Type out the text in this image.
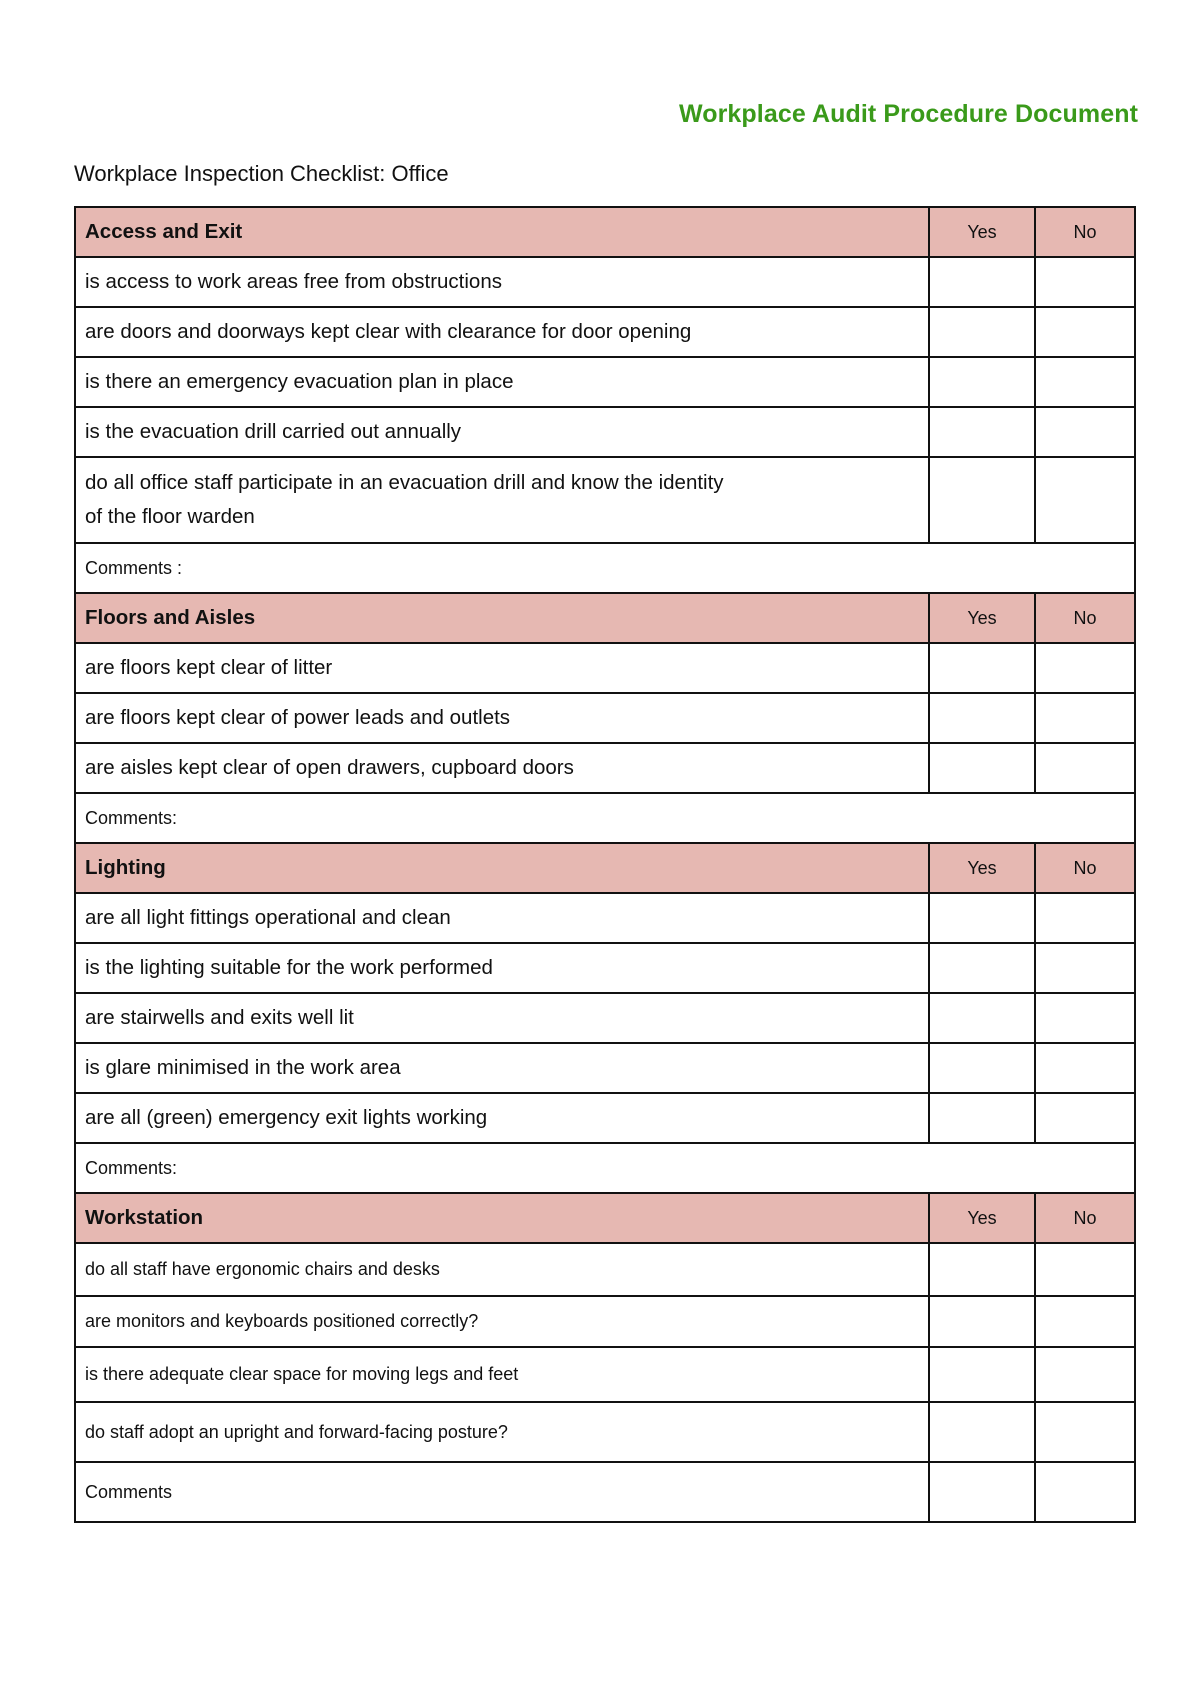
Workplace Audit Procedure Document
Workplace Inspection Checklist: Office
Access and Exit	Yes	No
is access to work areas free from obstructions		
are doors and doorways kept clear with clearance for door opening		
is there an emergency evacuation plan in place		
is the evacuation drill carried out annually		

do all office staff participate in an evacuation drill and know the identity
of the floor warden		

Comments :		
Floors and Aisles	Yes	No
are floors kept clear of litter		
are floors kept clear of power leads and outlets		
are aisles kept clear of open drawers, cupboard doors		
Comments:		
Lighting	Yes	No
are all light fittings operational and clean		
is the lighting suitable for the work performed		
are stairwells and exits well lit		
is glare minimised in the work area		
are all (green) emergency exit lights working		
Comments:		
Workstation	Yes	No
do all staff have ergonomic chairs and desks		
are monitors and keyboards positioned correctly?		
is there adequate clear space for moving legs and feet		
do staff adopt an upright and forward-facing posture?		
Comments		
